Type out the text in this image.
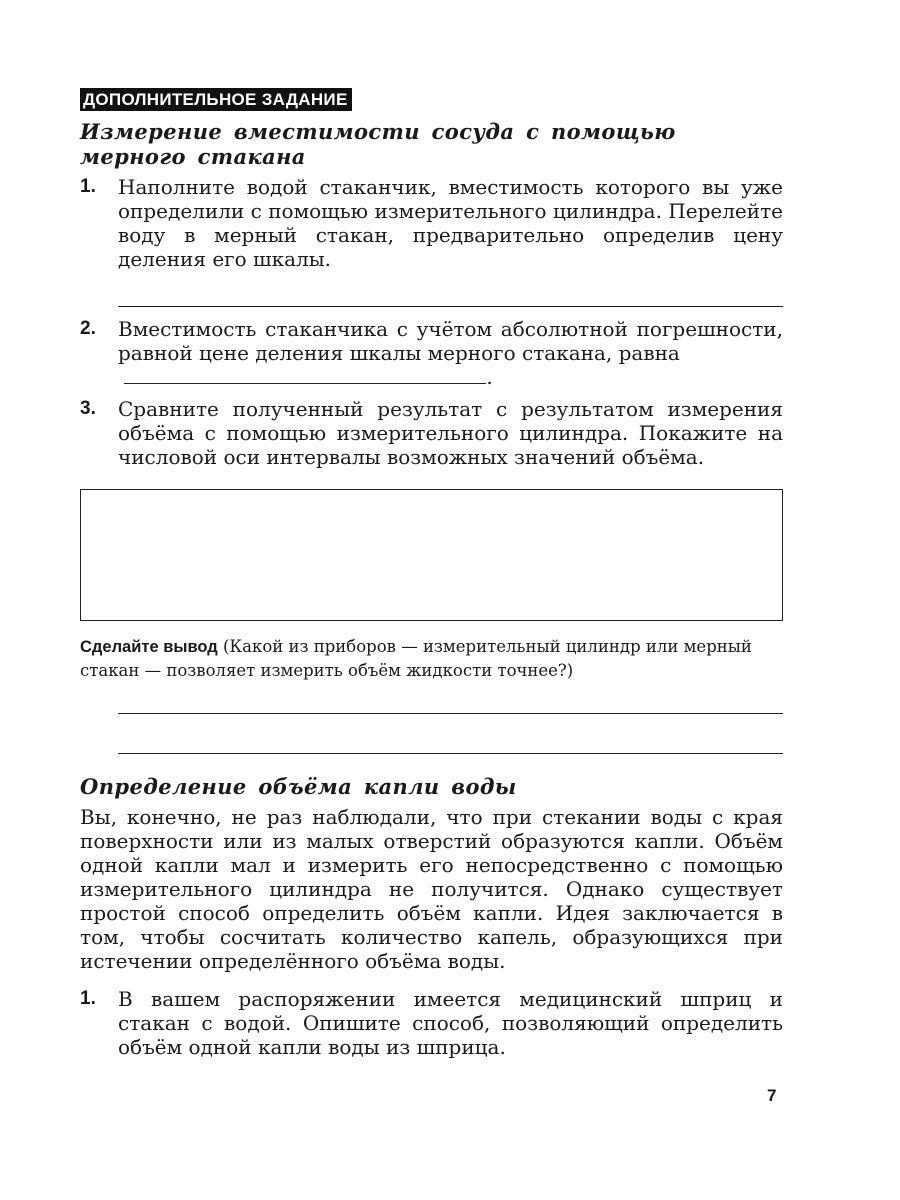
ДОПОЛНИТЕЛЬНОЕ ЗАДАНИЕ
Измерение вместимости сосуда с помощью мерного стакана
1.	Наполните водой стаканчик, вместимость которого вы уже определили с помощью измерительного цилиндра. Перелейте воду в мерный стакан, предварительно определив цену деления его шкалы.
2.	Вместимость стаканчика с учётом абсолютной погрешности, равной цене деления шкалы мерного стакана, равна
.
3.	Сравните полученный результат с результатом измерения объёма с помощью измерительного цилиндра. Покажите на числовой оси интервалы возможных значений объёма.
Сделайте вывод (Какой из приборов — измерительный цилиндр или мерный стакан — позволяет измерить объём жидкости точнее?)
Определение объёма капли воды
Вы, конечно, не раз наблюдали, что при стекании воды с края поверхности или из малых отверстий образуются капли. Объём одной капли мал и измерить его непосредственно с помощью измерительного цилиндра не получится. Однако существует простой способ определить объём капли. Идея заключается в том, чтобы сосчитать количество капель, образующихся при истечении определённого объёма воды.
1.	В вашем распоряжении имеется медицинский шприц и стакан с водой. Опишите способ, позволяющий определить объём одной капли воды из шприца.
7
